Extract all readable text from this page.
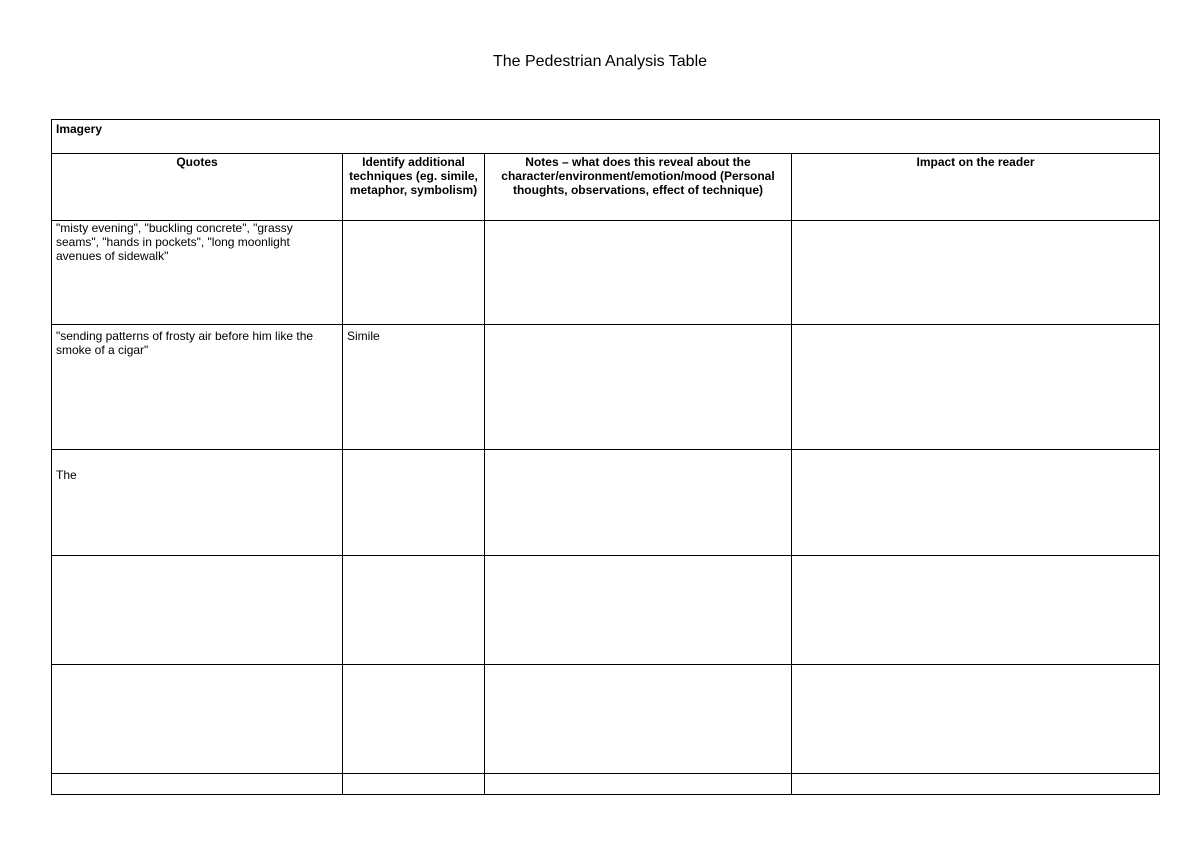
The Pedestrian Analysis Table
Imagery			
Quotes	Identify additional techniques (eg. simile, metaphor, symbolism)	Notes – what does this reveal about the character/environment/emotion/mood (Personal thoughts, observations, effect of technique)	Impact on the reader
"misty evening", "buckling concrete", "grassy seams", "hands in pockets", "long moonlight avenues of sidewalk"			
"sending patterns of frosty air before him like the smoke of a cigar"	Simile		
The			
